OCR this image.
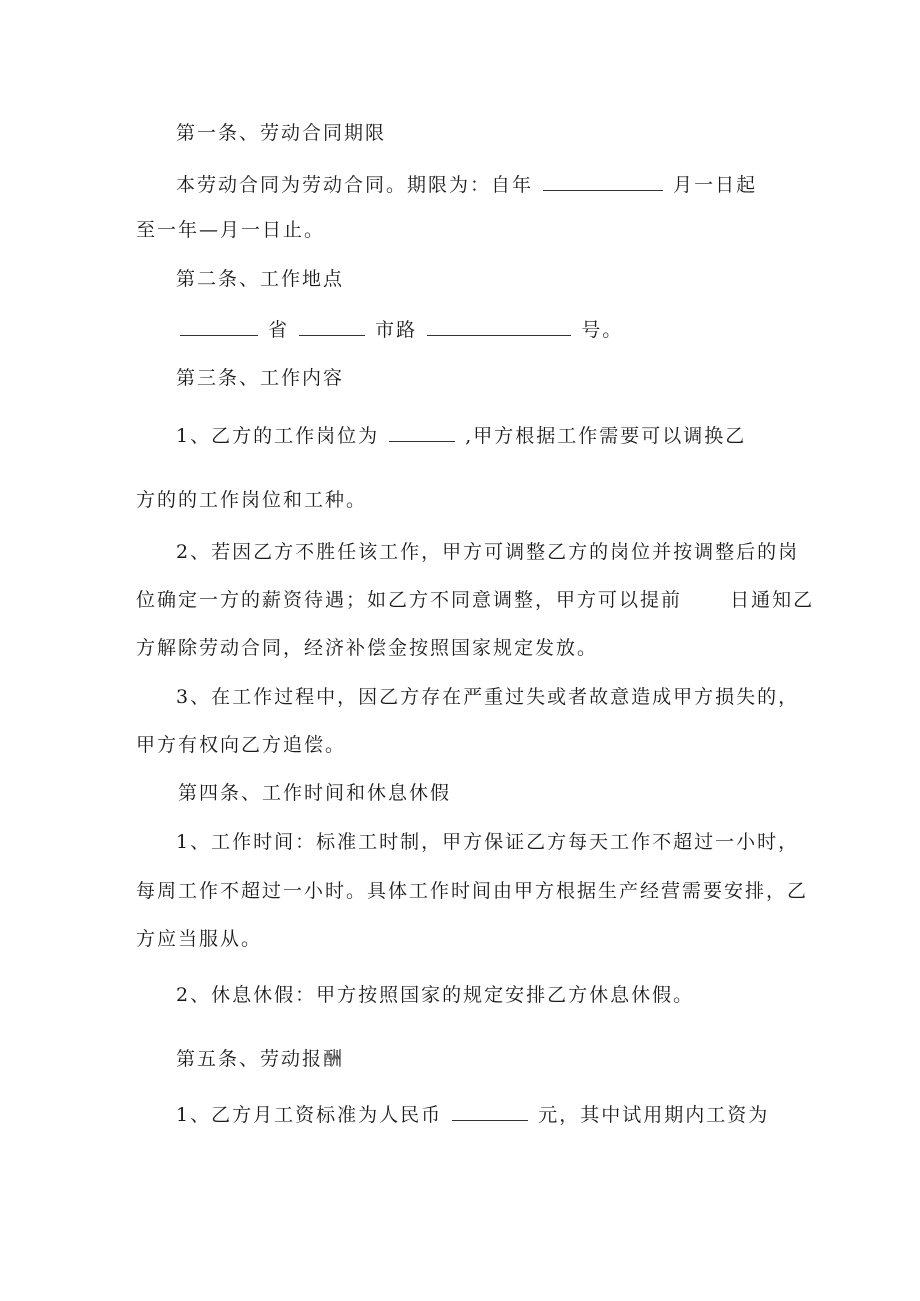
第一条、劳动合同期限
本劳动合同为劳动合同。期限为：自年	月一日起
至一年—月一日止。
第二条、工作地点
省	市路	号。
第三条、工作内容
1、乙方的工作岗位为	,甲方根据工作需要可以调换乙
方的的工作岗位和工种。
2、若因乙方不胜任该工作，甲方可调整乙方的岗位并按调整后的岗
位确定一方的薪资待遇；如乙方不同意调整，甲方可以提前	日通知乙
方解除劳动合同，经济补偿金按照国家规定发放。
3、在工作过程中，因乙方存在严重过失或者故意造成甲方损失的，
甲方有权向乙方追偿。
第四条、工作时间和休息休假
1、工作时间：标准工时制，甲方保证乙方每天工作不超过一小时，
每周工作不超过一小时。具体工作时间由甲方根据生产经营需要安排，乙
方应当服从。
2、休息休假：甲方按照国家的规定安排乙方休息休假。
第五条、劳动报酬
1、乙方月工资标准为人民币	元，其中试用期内工资为
